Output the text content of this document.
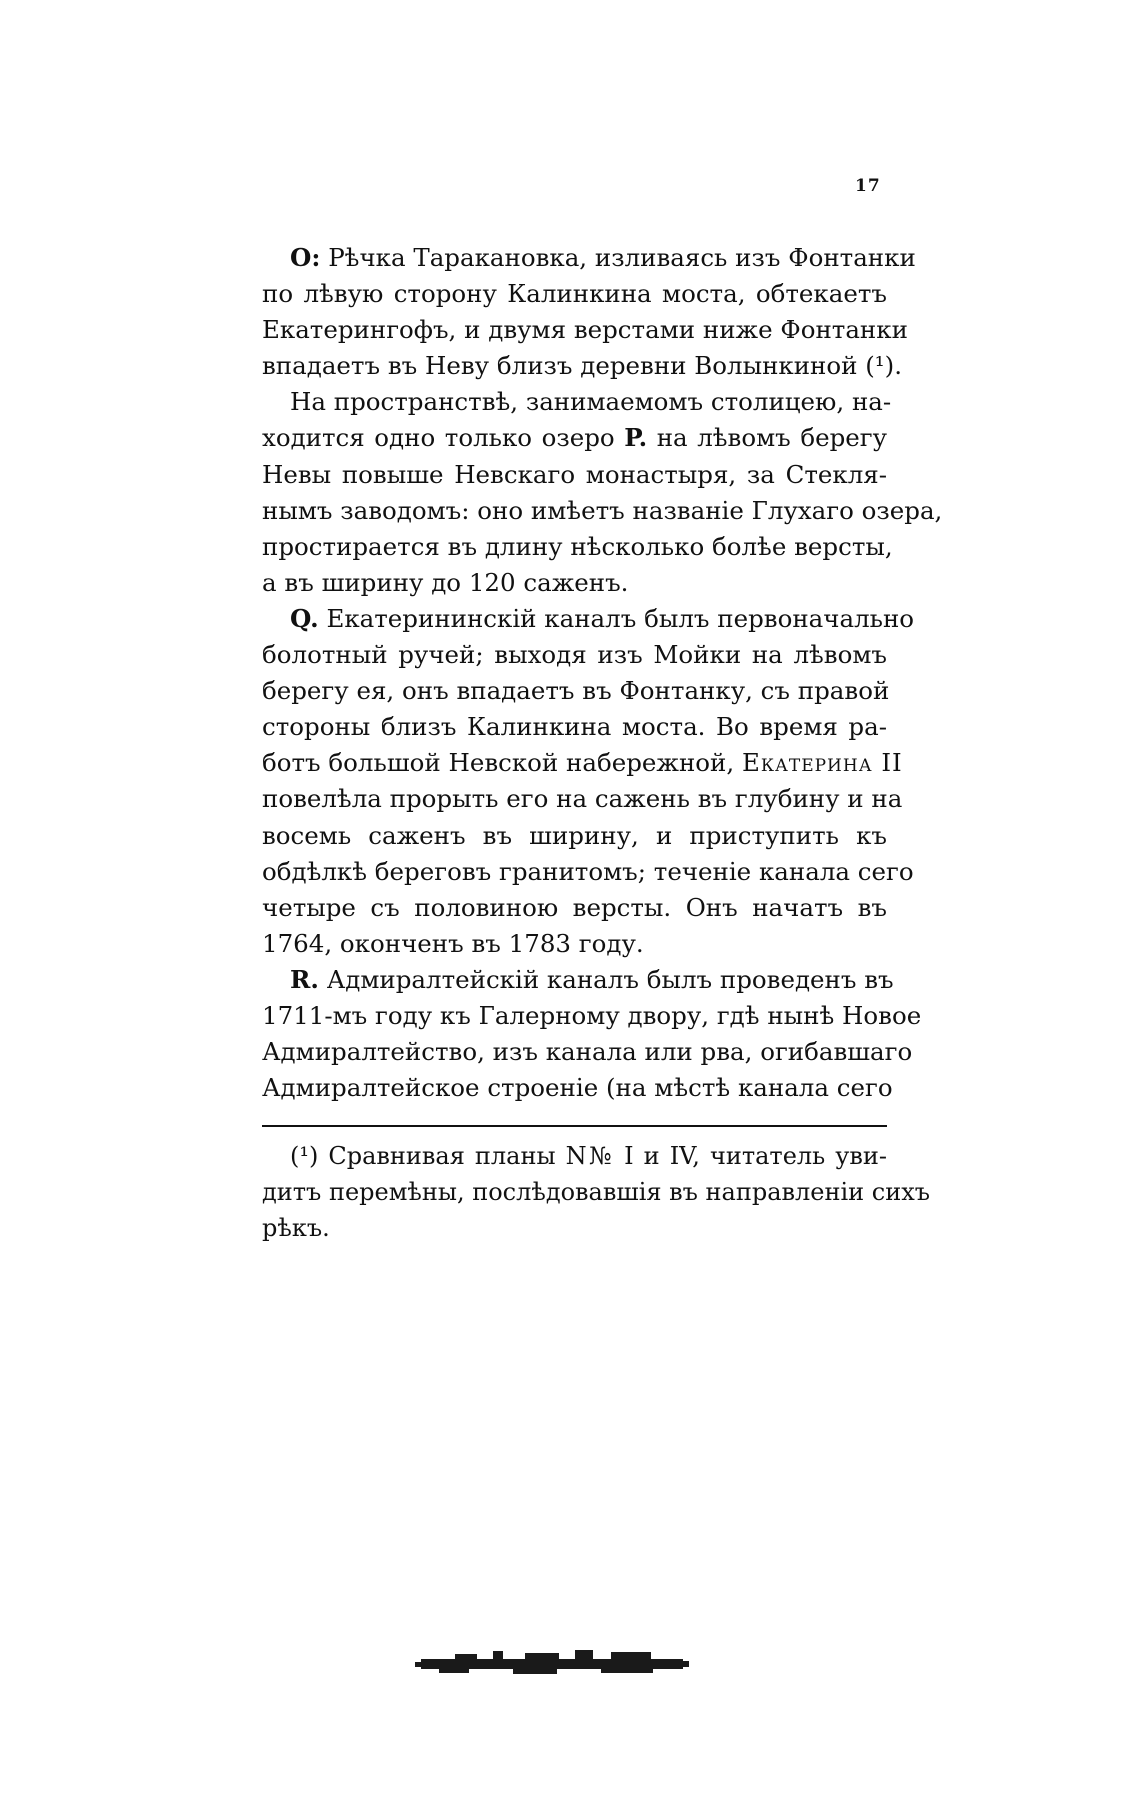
17
O: Рѣчка Таракановка, изливаясь изъ Фонтанки
по лѣвую сторону Калинкина моста, обтекаетъ
Екатерингофъ, и двумя верстами ниже Фонтанки
впадаетъ въ Неву близъ деревни Волынкиной (¹).
На пространствѣ, занимаемомъ столицею, на-
ходится одно только озеро P. на лѣвомъ берегу
Невы повыше Невскаго монастыря, за Стекля-
нымъ заводомъ: оно имѣетъ названіе Глухаго озера,
простирается въ длину нѣсколько болѣе версты,
а въ ширину до 120 саженъ.
Q. Екатерининскій каналъ былъ первоначально
болотный ручей; выходя изъ Мойки на лѣвомъ
берегу ея, онъ впадаетъ въ Фонтанку, съ правой
стороны близъ Калинкина моста. Во время ра-
ботъ большой Невской набережной, Екатерина II
повелѣла прорыть его на сажень въ глубину и на
восемь саженъ въ ширину, и приступить къ
обдѣлкѣ береговъ гранитомъ; теченіе канала сего
четыре съ половиною версты. Онъ начатъ въ
1764, оконченъ въ 1783 году.
R. Адмиралтейскій каналъ былъ проведенъ въ
1711-мъ году къ Галерному двору, гдѣ нынѣ Новое
Адмиралтейство, изъ канала или рва, огибавшаго
Адмиралтейское строеніе (на мѣстѣ канала сего
(¹) Сравнивая планы N№ I и IV, читатель уви-
дитъ перемѣны, послѣдовавшія въ направленіи сихъ
рѣкъ.
